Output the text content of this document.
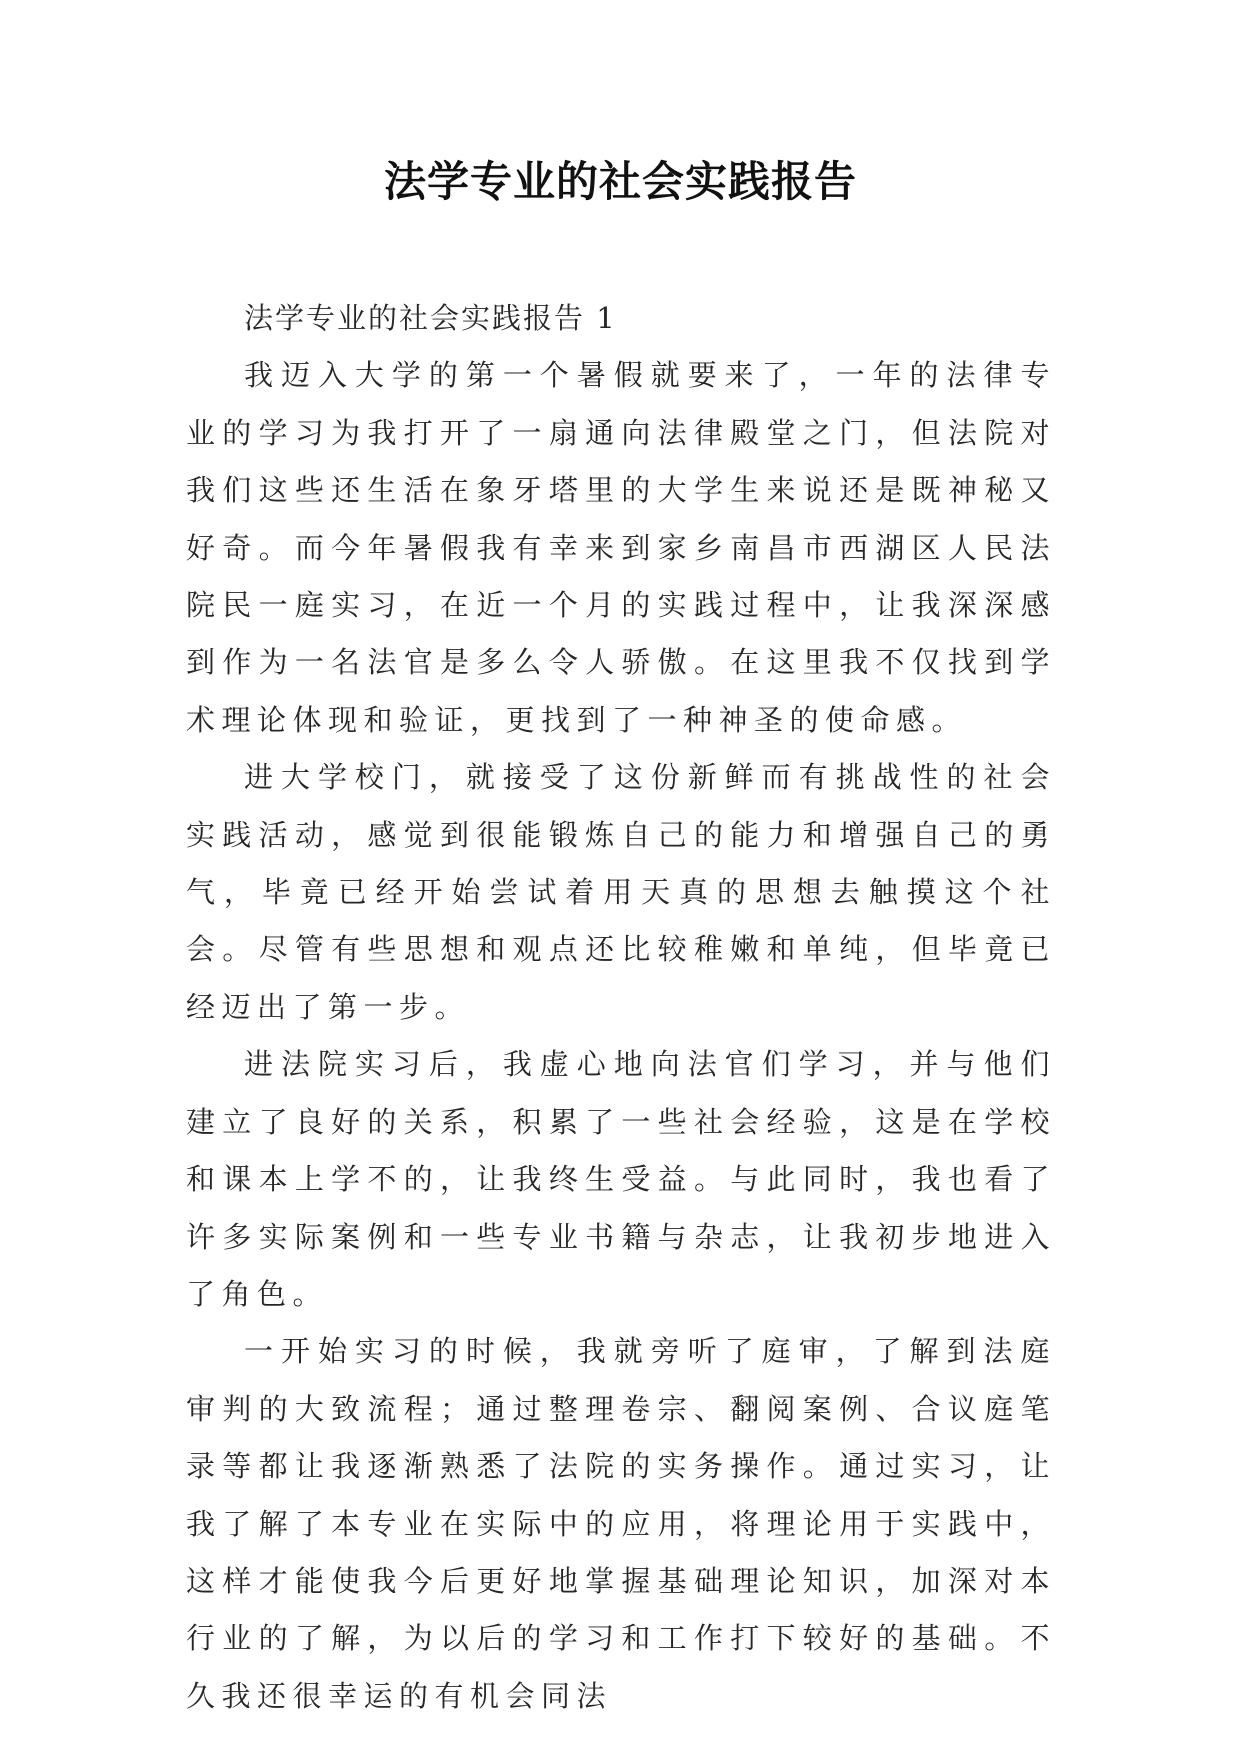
法学专业的社会实践报告

法学专业的社会实践报告 1

我迈入大学的第一个暑假就要来了，一年的法律专业的学习为我打开了一扇通向法律殿堂之门，但法院对我们这些还生活在象牙塔里的大学生来说还是既神秘又好奇。而今年暑假我有幸来到家乡南昌市西湖区人民法院民一庭实习，在近一个月的实践过程中，让我深深感到作为一名法官是多么令人骄傲。在这里我不仅找到学术理论体现和验证，更找到了一种神圣的使命感。

进大学校门，就接受了这份新鲜而有挑战性的社会实践活动，感觉到很能锻炼自己的能力和增强自己的勇气，毕竟已经开始尝试着用天真的思想去触摸这个社会。尽管有些思想和观点还比较稚嫩和单纯，但毕竟已经迈出了第一步。

进法院实习后，我虚心地向法官们学习，并与他们建立了良好的关系，积累了一些社会经验，这是在学校和课本上学不的，让我终生受益。与此同时，我也看了许多实际案例和一些专业书籍与杂志，让我初步地进入了角色。

一开始实习的时候，我就旁听了庭审，了解到法庭审判的大致流程；通过整理卷宗、翻阅案例、合议庭笔录等都让我逐渐熟悉了法院的实务操作。通过实习，让我了解了本专业在实际中的应用，将理论用于实践中，这样才能使我今后更好地掌握基础理论知识，加深对本行业的了解，为以后的学习和工作打下较好的基础。不久我还很幸运的有机会同法
